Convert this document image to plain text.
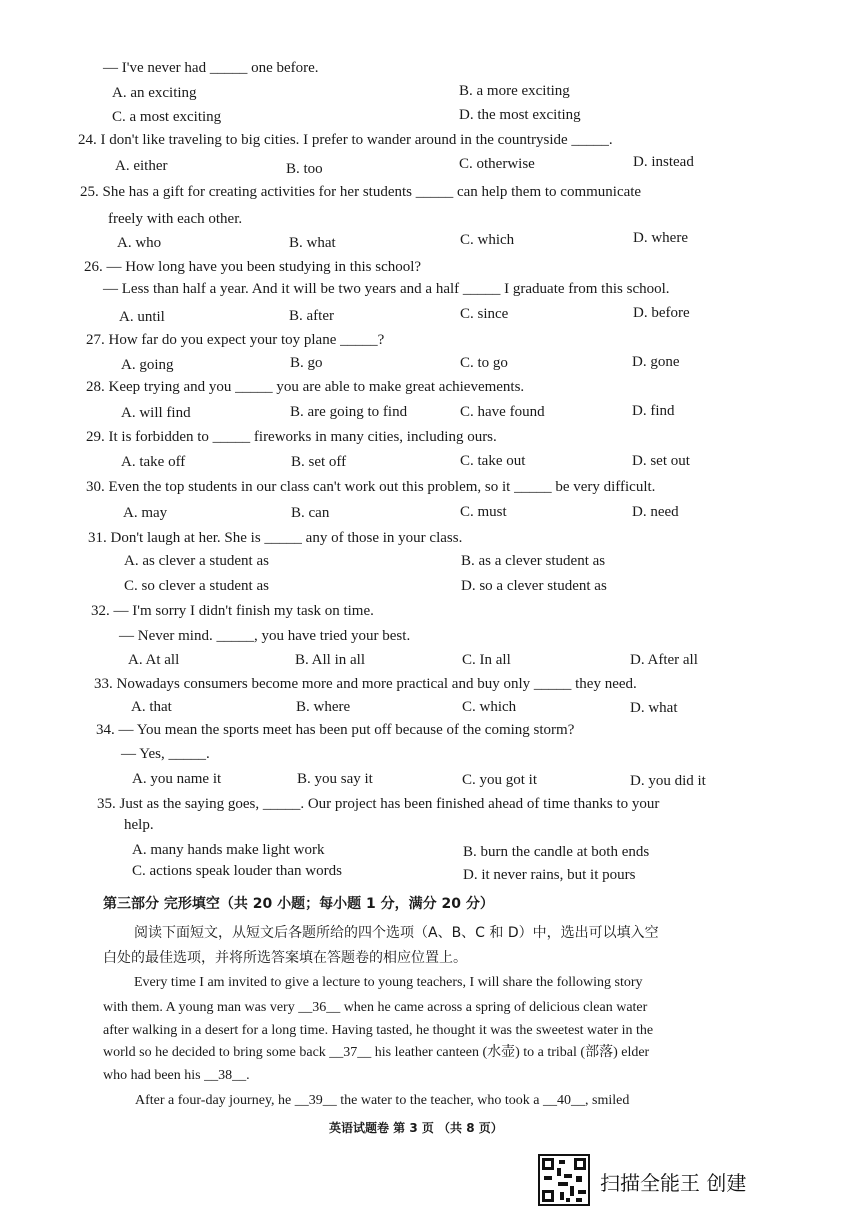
— I've never had _____ one before.
A. an exciting	B. a more exciting
C. a most exciting	D. the most exciting
24. I don't like traveling to big cities. I prefer to wander around in the countryside _____.
A. either	B. too	C. otherwise	D. instead
25. She has a gift for creating activities for her students _____ can help them to communicate
freely with each other.
A. who	B. what	C. which	D. where
26. — How long have you been studying in this school?
— Less than half a year. And it will be two years and a half _____ I graduate from this school.
A. until	B. after	C. since	D. before
27. How far do you expect your toy plane _____?
A. going	B. go	C. to go	D. gone
28. Keep trying and you _____ you are able to make great achievements.
A. will find	B. are going to find	C. have found	D. find
29. It is forbidden to _____ fireworks in many cities, including ours.
A. take off	B. set off	C. take out	D. set out
30. Even the top students in our class can't work out this problem, so it _____ be very difficult.
A. may	B. can	C. must	D. need
31. Don't laugh at her. She is _____ any of those in your class.
A. as clever a student as	B. as a clever student as
C. so clever a student as	D. so a clever student as
32. — I'm sorry I didn't finish my task on time.
— Never mind. _____, you have tried your best.
A. At all	B. All in all	C. In all	D. After all
33. Nowadays consumers become more and more practical and buy only _____ they need.
A. that	B. where	C. which	D. what
34. — You mean the sports meet has been put off because of the coming storm?
— Yes, _____.
A. you name it	B. you say it	C. you got it	D. you did it
35. Just as the saying goes, _____. Our project has been finished ahead of time thanks to your
help.
A. many hands make light work	B. burn the candle at both ends
C. actions speak louder than words	D. it never rains, but it pours
第三部分 完形填空（共 20 小题；每小题 1 分，满分 20 分）
阅读下面短文，从短文后各题所给的四个选项（A、B、C 和 D）中，选出可以填入空
白处的最佳选项，并将所选答案填在答题卷的相应位置上。
Every time I am invited to give a lecture to young teachers, I will share the following story
with them. A young man was very __36__ when he came across a spring of delicious clean water
after walking in a desert for a long time. Having tasted, he thought it was the sweetest water in the
world so he decided to bring some back __37__ his leather canteen (水壶) to a tribal (部落) elder
who had been his __38__.
After a four-day journey, he __39__ the water to the teacher, who took a __40__, smiled
英语试题卷 第 3 页 （共 8 页）
扫描全能王 创建
